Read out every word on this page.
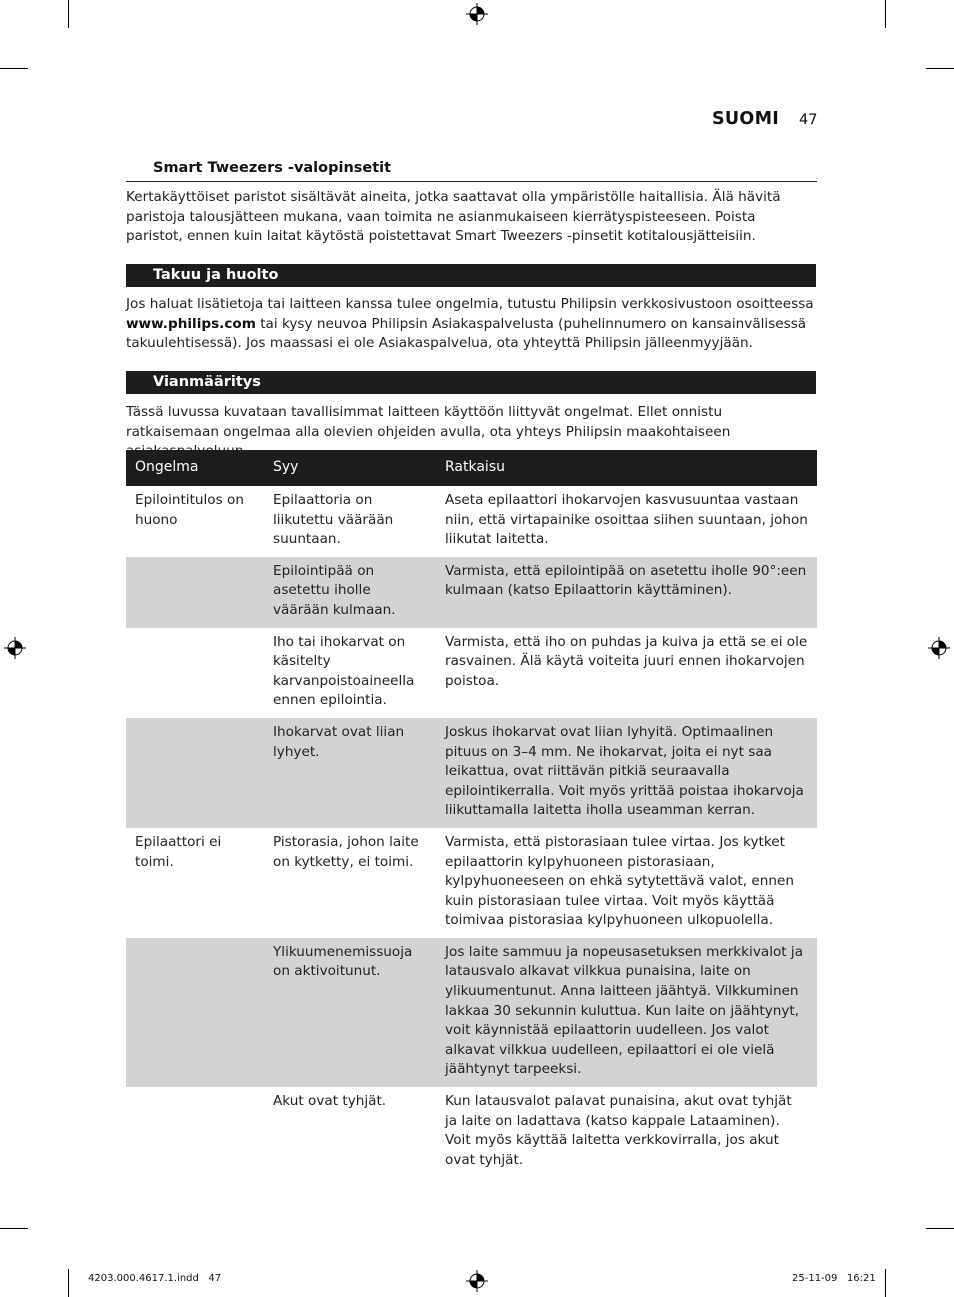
SUOMI 47
Smart Tweezers -valopinsetit

Kertakäyttöiset paristot sisältävät aineita, jotka saattavat olla ympäristölle haitallisia. Älä hävitä paristoja talousjätteen mukana, vaan toimita ne asianmukaiseen kierrätyspisteeseen. Poista paristot, ennen kuin laitat käytöstä poistettavat Smart Tweezers -pinsetit kotitalousjätteisiin.

Takuu ja huolto

Jos haluat lisätietoja tai laitteen kanssa tulee ongelmia, tutustu Philipsin verkkosivustoon osoitteessa www.philips.com tai kysy neuvoa Philipsin Asiakaspalvelusta (puhelinnumero on kansainvälisessä takuulehtisessä). Jos maassasi ei ole Asiakaspalvelua, ota yhteyttä Philipsin jälleenmyyjään.

Vianmääritys

Tässä luvussa kuvataan tavallisimmat laitteen käyttöön liittyvät ongelmat. Ellet onnistu ratkaisemaan ongelmaa alla olevien ohjeiden avulla, ota yhteys Philipsin maakohtaiseen

Ongelma	Syy	Ratkaisu
Epilointitulos on huono	Epilaattoria on liikutettu väärään suuntaan.	Aseta epilaattori ihokarvojen kasvusuuntaa vastaan niin, että virtapainike osoittaa siihen suuntaan, johon liikutat laitetta.
	Epilointipää on asetettu iholle väärään kulmaan.	Varmista, että epilointipää on asetettu iholle 90°:een kulmaan (katso Epilaattorin käyttäminen).
	Iho tai ihokarvat on käsitelty karvanpoistoaineella ennen epilointia.	Varmista, että iho on puhdas ja kuiva ja että se ei ole rasvainen. Älä käytä voiteita juuri ennen ihokarvojen poistoa.
	Ihokarvat ovat liian lyhyet.	Joskus ihokarvat ovat liian lyhyitä. Optimaalinen pituus on 3–4 mm. Ne ihokarvat, joita ei nyt saa leikattua, ovat riittävän pitkiä seuraavalla epilointikerralla. Voit myös yrittää poistaa ihokarvoja liikuttamalla laitetta iholla useamman kerran.
Epilaattori ei toimi.	Pistorasia, johon laite on kytketty, ei toimi.	Varmista, että pistorasiaan tulee virtaa. Jos kytket epilaattorin kylpyhuoneen pistorasiaan, kylpyhuoneeseen on ehkä sytytettävä valot, ennen kuin pistorasiaan tulee virtaa. Voit myös käyttää toimivaa pistorasiaa kylpyhuoneen ulkopuolella.
	Ylikuumenemissuoja on aktivoitunut.	Jos laite sammuu ja nopeusasetuksen merkkivalot ja latausvalo alkavat vilkkua punaisina, laite on ylikuumentunut. Anna laitteen jäähtyä. Vilkkuminen lakkaa 30 sekunnin kuluttua. Kun laite on jäähtynyt, voit käynnistää epilaattorin uudelleen. Jos valot alkavat vilkkua uudelleen, epilaattori ei ole vielä jäähtynyt tarpeeksi.
	Akut ovat tyhjät.	Kun latausvalot palavat punaisina, akut ovat tyhjät ja laite on ladattava (katso kappale Lataaminen). Voit myös käyttää laitetta verkkovirralla, jos akut ovat tyhjät.
4203.000.4617.1.indd   47	25-11-09   16:21
